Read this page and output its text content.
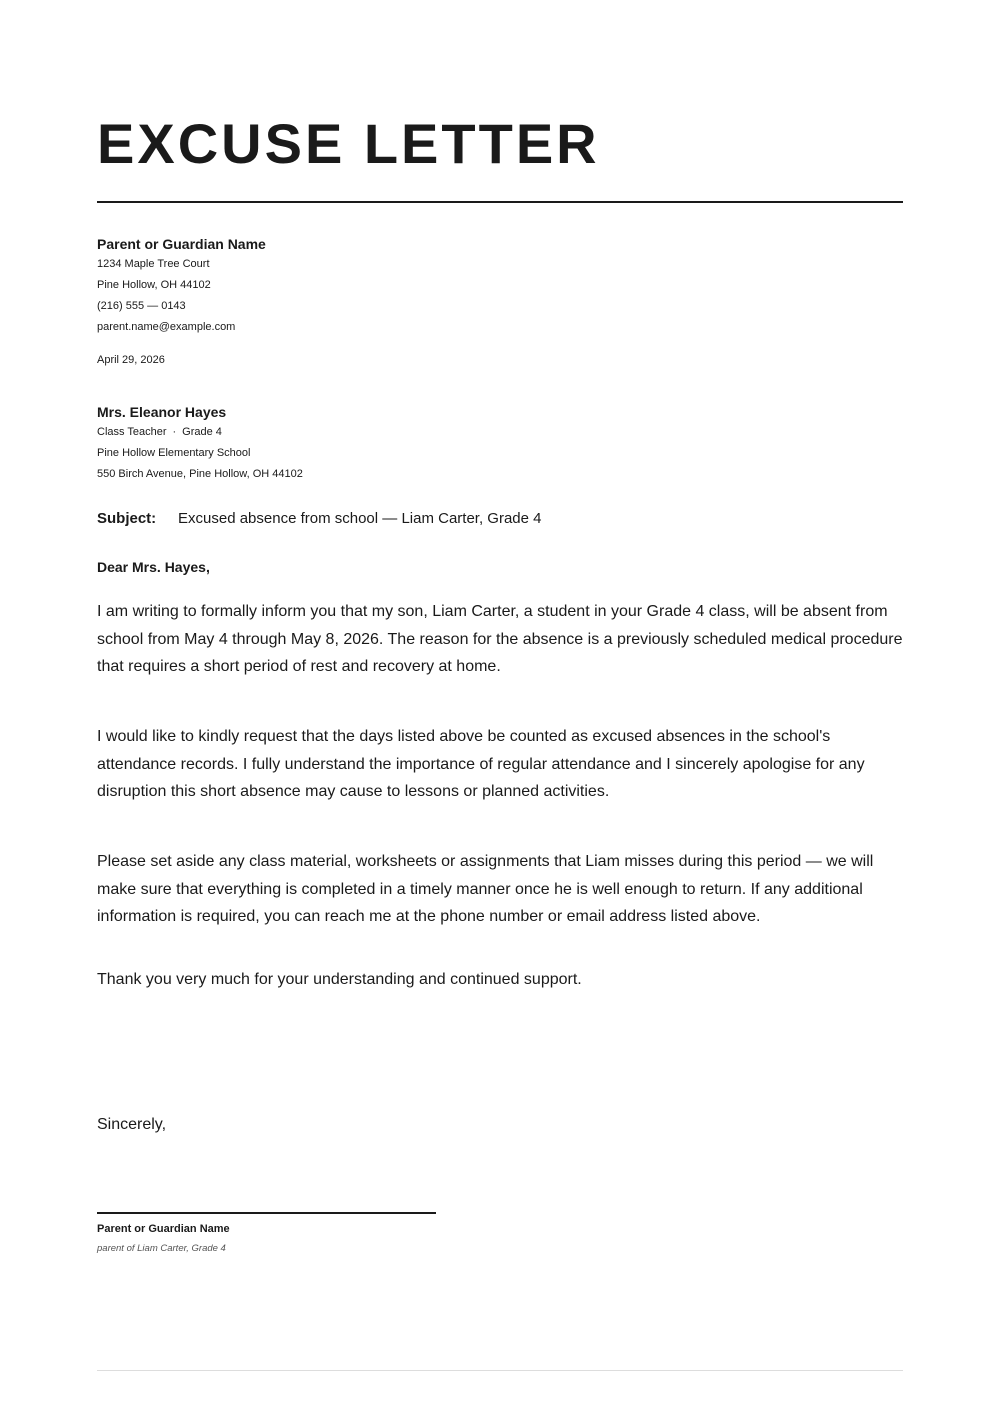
EXCUSE LETTER
Parent or Guardian Name
1234 Maple Tree Court
Pine Hollow, OH 44102
(216) 555 — 0143
parent.name@example.com
April 29, 2026
Mrs. Eleanor Hayes
Class Teacher · Grade 4
Pine Hollow Elementary School
550 Birch Avenue, Pine Hollow, OH 44102
Subject: Excused absence from school — Liam Carter, Grade 4
Dear Mrs. Hayes,

I am writing to formally inform you that my son, Liam Carter, a student in your Grade 4 class, will be absent from school from May 4 through May 8, 2026. The reason for the absence is a previously scheduled medical procedure that requires a short period of rest and recovery at home.

I would like to kindly request that the days listed above be counted as excused absences in the school's attendance records. I fully understand the importance of regular attendance and I sincerely apologise for any disruption this short absence may cause to lessons or planned activities.

Please set aside any class material, worksheets or assignments that Liam misses during this period — we will make sure that everything is completed in a timely manner once he is well enough to return. If any additional information is required, you can reach me at the phone number or email address listed above.

Thank you very much for your understanding and continued support.

Sincerely,
Parent or Guardian Name
parent of Liam Carter, Grade 4
